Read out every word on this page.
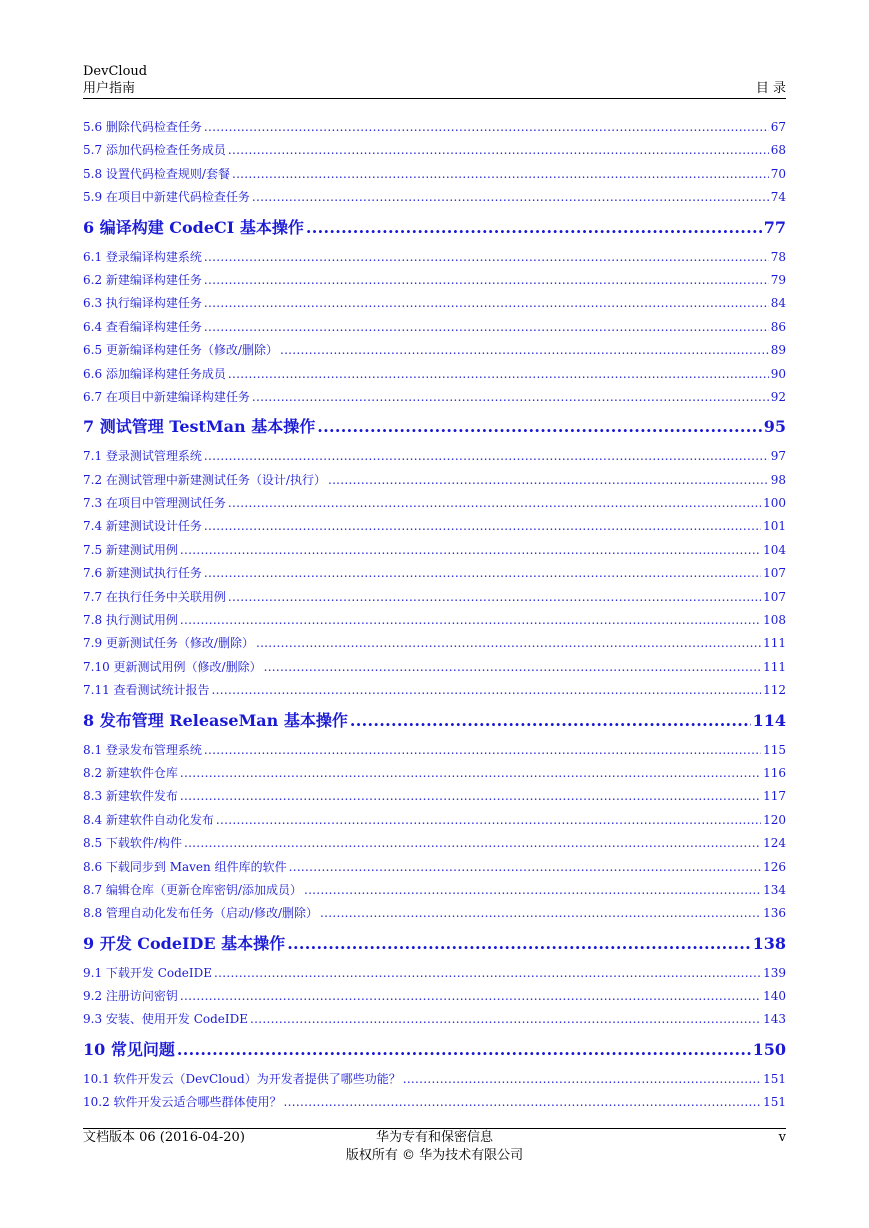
DevCloud
用户指南	目 录
5.6 删除代码检查任务 .....	67
5.7 添加代码检查任务成员 .....	68
5.8 设置代码检查规则/套餐 .....	70
5.9 在项目中新建代码检查任务 .....	74
6 编译构建 CodeCI 基本操作 .....	77
6.1 登录编译构建系统 .....	78
6.2 新建编译构建任务 .....	79
6.3 执行编译构建任务 .....	84
6.4 查看编译构建任务 .....	86
6.5 更新编译构建任务（修改/删除） .....	89
6.6 添加编译构建任务成员 .....	90
6.7 在项目中新建编译构建任务 .....	92
7 测试管理 TestMan 基本操作 .....	95
7.1 登录测试管理系统 .....	97
7.2 在测试管理中新建测试任务（设计/执行） .....	98
7.3 在项目中管理测试任务 .....	100
7.4 新建测试设计任务 .....	101
7.5 新建测试用例 .....	104
7.6 新建测试执行任务 .....	107
7.7 在执行任务中关联用例 .....	107
7.8 执行测试用例 .....	108
7.9 更新测试任务（修改/删除） .....	111
7.10 更新测试用例（修改/删除） .....	111
7.11 查看测试统计报告 .....	112
8 发布管理 ReleaseMan 基本操作 .....	114
8.1 登录发布管理系统 .....	115
8.2 新建软件仓库 .....	116
8.3 新建软件发布 .....	117
8.4 新建软件自动化发布 .....	120
8.5 下载软件/构件 .....	124
8.6 下载同步到 Maven 组件库的软件 .....	126
8.7 编辑仓库（更新仓库密钥/添加成员） .....	134
8.8 管理自动化发布任务（启动/修改/删除） .....	136
9 开发 CodeIDE 基本操作 .....	138
9.1 下载开发 CodeIDE .....	139
9.2 注册访问密钥 .....	140
9.3 安装、使用开发 CodeIDE .....	143
10 常见问题 .....	150
10.1 软件开发云（DevCloud）为开发者提供了哪些功能？ .....	151
10.2 软件开发云适合哪些群体使用？ .....	151
文档版本 06 (2016-04-20)	华为专有和保密信息
版权所有 © 华为技术有限公司
v
